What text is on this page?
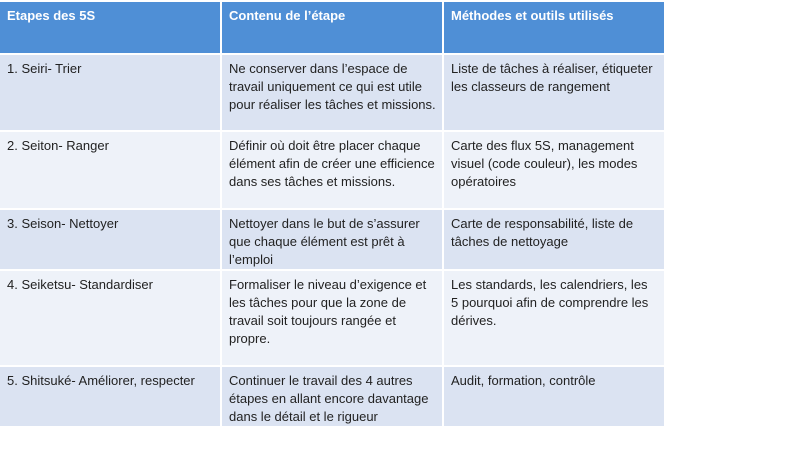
Etapes des 5S	Contenu de l’étape	Méthodes et outils utilisés
1. Seiri- Trier	Ne conserver dans l’espace de travail uniquement ce qui est utile pour réaliser les tâches et missions.	Liste de tâches à réaliser, étiqueter les classeurs de rangement
2. Seiton- Ranger	Définir où doit être placer chaque élément afin de créer une efficience dans ses tâches et missions.	Carte des flux 5S, management visuel (code couleur), les modes opératoires
3. Seison- Nettoyer	Nettoyer dans le but de s’assurer que chaque élément est prêt à l’emploi	Carte de responsabilité, liste de tâches de nettoyage
4. Seiketsu- Standardiser	Formaliser le niveau d’exigence et les tâches pour que la zone de travail soit toujours rangée et propre.	Les standards, les calendriers, les 5 pourquoi afin de comprendre les dérives.
5. Shitsuké- Améliorer, respecter	Continuer le travail des 4 autres étapes en allant encore davantage dans le détail et le rigueur	Audit, formation, contrôle
